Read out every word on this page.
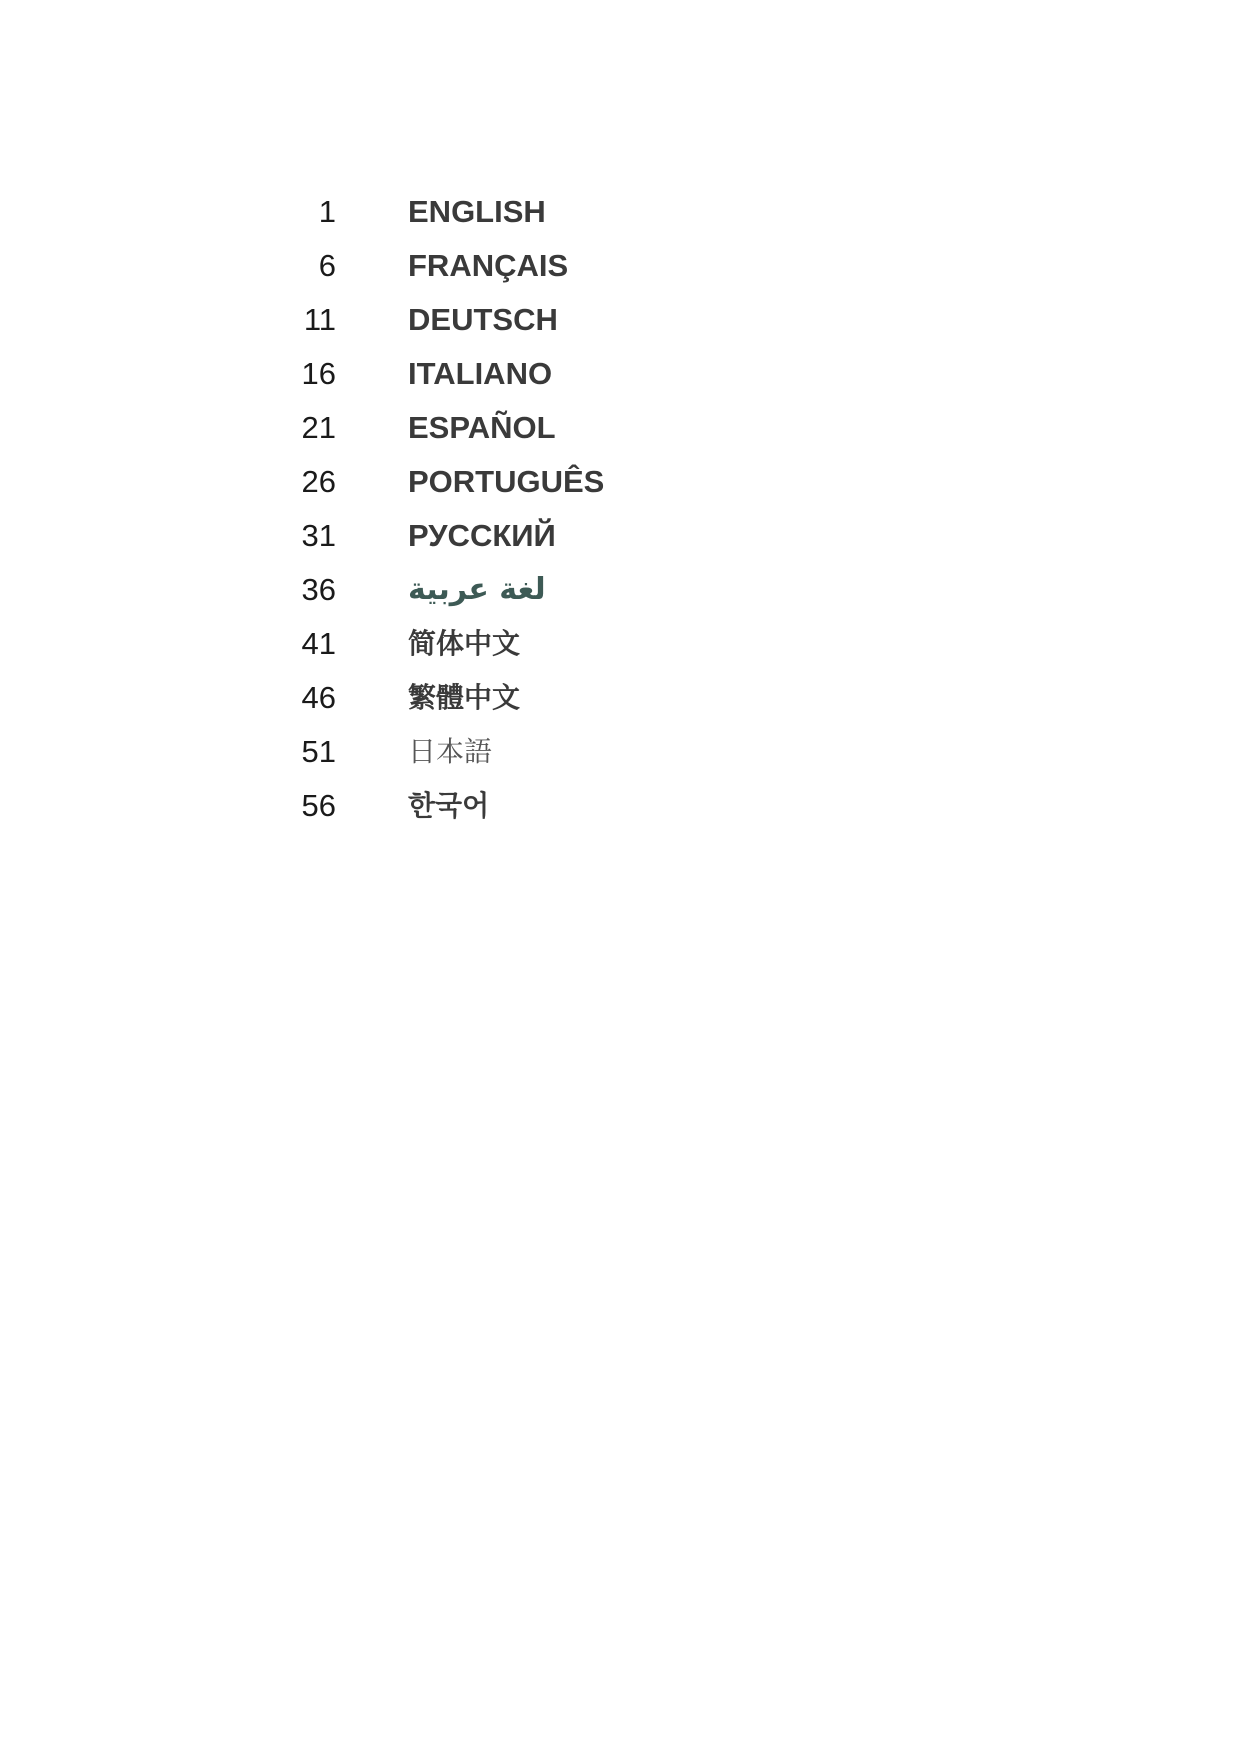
1 ENGLISH
6 FRANÇAIS
11 DEUTSCH
16 ITALIANO
21 ESPAÑOL
26 PORTUGUÊS
31 РУССКИЙ
36 لغة عربية
41	简体中文
46	繁體中文
51	日本語
56	한국어
